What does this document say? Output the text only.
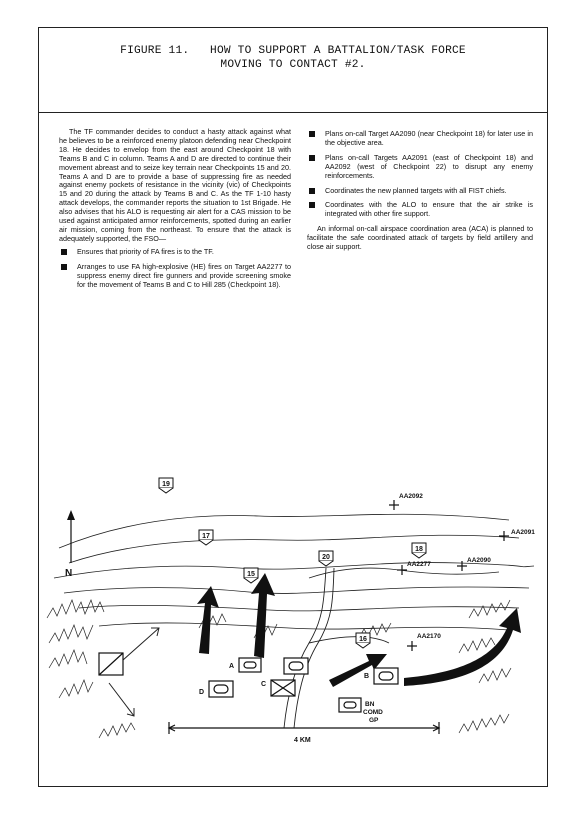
FIGURE 11.   HOW TO SUPPORT A BATTALION/TASK FORCE
MOVING TO CONTACT #2.

The TF commander decides to conduct a hasty attack against what he believes to be a reinforced enemy platoon defending near Checkpoint 18. He decides to envelop from the east around Checkpoint 18 with Teams B and C in column. Teams A and D are directed to continue their movement abreast and to seize key terrain near Checkpoints 15 and 20. Teams A and D are to provide a base of suppressing fire as needed against enemy pockets of resistance in the vicinity (vic) of Checkpoints 15 and 20 during the attack by Teams B and C. As the TF 1-10 hasty attack develops, the commander reports the situation to 1st Brigade. He also advises that his ALO is requesting air alert for a CAS mission to be used against anticipated armor reinforcements, spotted during an earlier air mission, coming from the northeast. To ensure that the attack is adequately supported, the FSO—

Ensures that priority of FA fires is to the TF.
Arranges to use FA high-explosive (HE) fires on Target AA2277 to suppress enemy direct fire gunners and provide screening smoke for the movement of Teams B and C to Hill 285 (Checkpoint 18).
Plans on-call Target AA2090 (near Checkpoint 18) for later use in the objective area.
Plans on-call Targets AA2091 (east of Checkpoint 18) and AA2092 (west of Checkpoint 22) to disrupt any enemy reinforcements.
Coordinates the new planned targets with all FIST chiefs.
Coordinates with the ALO to ensure that the air strike is integrated with other fire support.

An informal on-call airspace coordination area (ACA) is planned to facilitate the safe coordinated attack of targets by field artillery and close air support.

N
19
17
15
20
18
16
AA2092
AA2091
AA2277
AA2090
AA2170
A
D
C
B
BN
COMD
GP
4 KM
